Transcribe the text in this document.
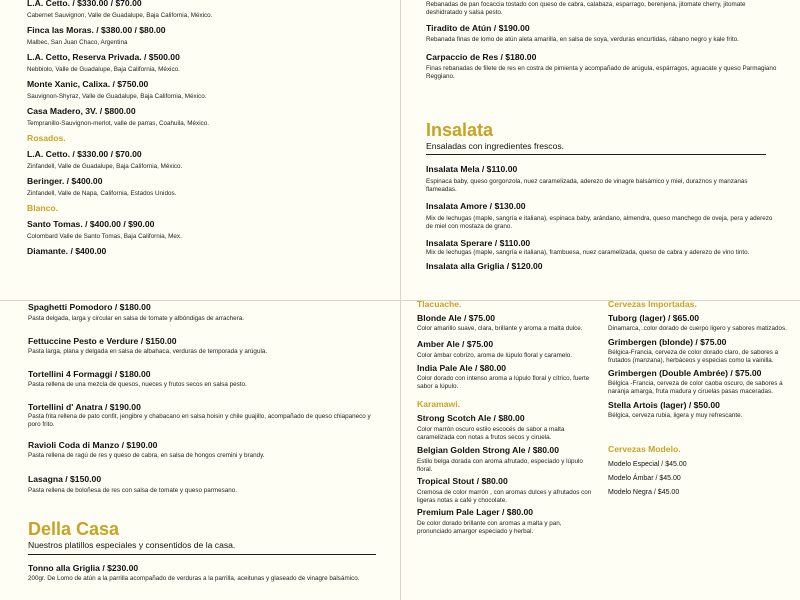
L.A. Cetto. / $330.00 / $70.00
Cabernet Sauvignon, Valle de Guadalupe, Baja California, México.
Finca las Moras. / $380.00 / $80.00
Malbec, San Juan Chaco, Argentina
L.A. Cetto, Reserva Privada. / $500.00
Nebbiolo, Valle de Guadalupe, Baja California, México.
Monte Xanic, Calixa. / $750.00
Sauvignon-Shyraz, Valle de Guadalupe, Baja California, México.
Casa Madero, 3V. / $800.00
Tempranillo-Sauvignon-merlot, valle de parras, Coahuila, México.
Rosados.
L.A. Cetto. / $330.00 / $70.00
Zinfandell, Valle de Guadalupe, Baja California, México.
Beringer. / $400.00
Zinfandell, Valle de Napa, California, Estados Unidos.
Blanco.
Santo Tomas. / $400.00 / $90.00
Colombard Valle de Santo Tomas, Baja California, Mex.
Diamante. / $400.00
Rebanadas de pan focaccia tostado con queso de cabra, calabaza, esparrago, berenjena, jitomate cherry, jitomate deshidratado y salsa pesto.
Tiradito de Atún / $190.00
Rebanada finas de lomo de atún aleta amarilla, en salsa de soya, verduras encurtidas, rábano negro y kale frito.
Carpaccio de Res / $180.00
Finas rebanadas de filete de res en costra de pimienta y acompañado de arúgula, espárragos, aguacate y queso Parmagiano Reggiano.
Insalata
Ensaladas con ingredientes frescos.
Insalata Mela / $110.00
Espinaca baby, queso gorgonzola, nuez caramelizada, aderezo de vinagre balsámico y miel, duraznos y manzanas flameadas.
Insalata Amore / $130.00
Mix de lechugas (maple, sangría e italiana), espinaca baby, arándano, almendra, queso manchego de oveja, pera y aderezo de miel con mostaza de grano.
Insalata Sperare / $110.00
Mix de lechugas (maple, sangría e italiana), frambuesa, nuez caramelizada, queso de cabra y aderezo de vino tinto.
Insalata alla Griglia / $120.00
Spaghetti Pomodoro / $180.00
Pasta delgada, larga y circular en salsa de tomate y albóndigas de arrachera.
Fettuccine Pesto e Verdure / $150.00
Pasta larga, plana y delgada en salsa de albahaca, verduras de temporada y arúgula.
Tortellini 4 Formaggi / $180.00
Pasta rellena de una mezcla de quesos, nueces y frutos secos en salsa pesto.
Tortellini d' Anatra / $190.00
Pasta frita rellena de pato confit, jengibre y chabacano en salsa hoisin y chile guajillo, acompañado de queso chiapaneco y poro frito.
Ravioli Coda di Manzo / $190.00
Pasta rellena de ragú de res y queso de cabra, en salsa de hongos cremini y brandy.
Lasagna / $150.00
Pasta rellena de boloñesa de res con salsa de tomate y queso parmesano.
Della Casa
Nuestros platillos especiales y consentidos de la casa.
Tonno alla Griglia / $230.00
200gr. De Lomo de atún a la parrilla acompañado de verduras a la parrilla, aceitunas y glaseado de vinagre balsámico.
Tlacuache.
Blonde Ale / $75.00
Color amarillo suave, clara, brillante y aroma a malta dulce.
Amber Ale / $75.00
Color ámbar cobrizo, aroma de lúpulo floral y caramelo.
India Pale Ale / $80.00
Color dorado con intenso aroma a lúpulo floral y cítrico, fuerte sabor a lúpulo.
Karamawi.
Strong Scotch Ale / $80.00
Color marrón oscuro estilo escocés de sabor a malta caramelizada con notas a frutos secos y ciruela.
Belgian Golden Strong Ale / $80.00
Estilo belga dorada con aroma afrutado, especiado y lúpulo floral.
Tropical Stout / $80.00
Cremosa de color marrón , con aromas dulces y afrutados con ligeras notas a café y chocolate.
Premium Pale Lager / $80.00
De color dorado brillante con aromas a malta y pan, pronunciado amargor especiado y herbal.
Cervezas Importadas.
Tuborg (lager) / $65.00
Dinamarca, .color dorado de cuerpo ligero y sabores matizados.
Grimbergen (blonde) / $75.00
Bélgica-Francia, cerveza de color dorado claro, de sabores a frutados (manzana), herbáceos y especias como la vainilla.
Grimbergen (Double Ambrée) / $75.00
Bélgica -Francia, cerveza de color caoba oscuro, de sabores a naranja amarga, fruta madura y ciruelas pasas maceradas.
Stella Artois (lager) / $50.00
Bélgica, cerveza rubia, ligera y muy refrescante.
Cervezas Modelo.
Modelo Especial / $45.00
Modelo Ámbar / $45.00
Modelo Negra / $45.00
